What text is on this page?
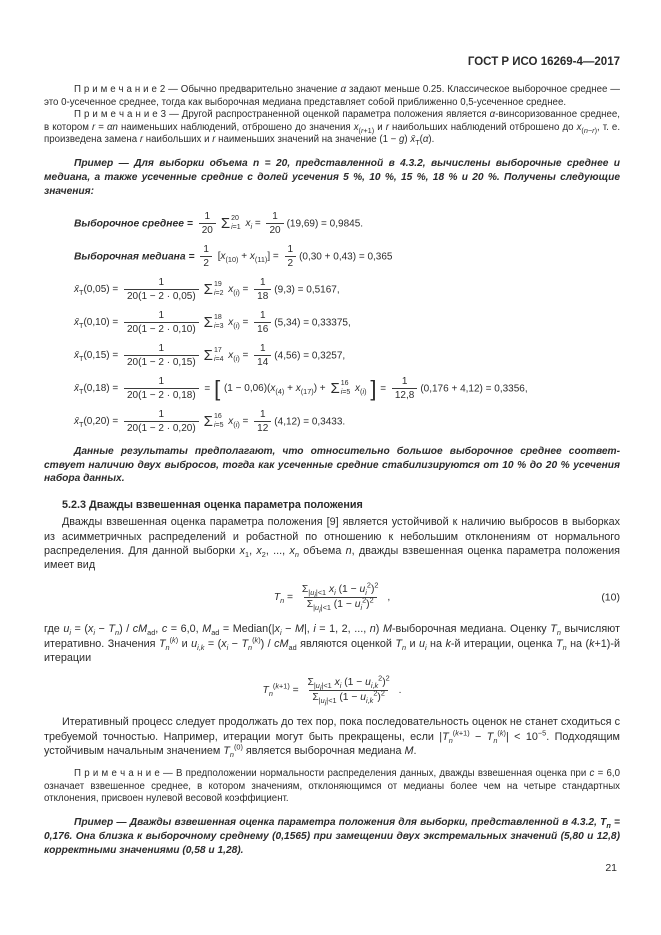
ГОСТ Р ИСО 16269-4—2017

П р и м е ч а н и е 2 — Обычно предварительно значение α задают меньше 0.25. Классическое выборочное среднее — это 0-усеченное среднее, тогда как выборочная медиана представляет собой приближенно 0,5-усеченное среднее.

П р и м е ч а н и е 3 — Другой распространенной оценкой параметра положения является α-винсоризованное среднее, в котором r = αn наименьших наблюдений, отброшено до значения $x_{(r+1)}$ и r наибольших наблюдений отброшено до $x_{(n-r)}$, т. е. произведена замена r наибольших и r наименьших значений на значение (1 − g) $x̄_Т(\alpha)$.

Пример — Для выборки объема n = 20, представленной в 4.3.2, вычислены выборочные среднее и медиана, а также усеченные средние с долей усечения 5 %, 10 %, 15 %, 18 % и 20 %. Получены следующие значения:

Выборочное среднее = $\frac{1}{20}$ Σ 20
i=1 $x_i = \frac{1}{20} (19,69) = 0,9845$.
Выборочная медиана = $\frac{1}{2} [x_{(10)} + x_{(11)}] = \frac{1}{2} (0,30 + 0,43) = 0,365$
$x̄_Т(0,05) = \frac{1}{20(1 - 2 \cdot 0,05)}$ Σ 19
i=2 $x_{(i)} = \frac{1}{18} (9,3) = 0,5167$,
$x̄_Т(0,10) = \frac{1}{20(1 - 2 \cdot 0,10)}$ Σ 18
i=3 $x_{(i)} = \frac{1}{16} (5,34) = 0,33375$,
$x̄_Т(0,15) = \frac{1}{20(1 - 2 \cdot 0,15)}$ Σ 17
i=4 $x_{(i)} = \frac{1}{14} (4,56) = 0,3257$,
$x̄_Т(0,18) = \frac{1}{20(1 - 2 \cdot 0,18)}$ = [ $(1 - 0,06)(x_{(4)} + x_{(17)}) + \Sigma$ 16
i=5 $x_{(i)}$ ] = $\frac{1}{12,8} (0,176 + 4,12) = 0,3356$,
$x̄_Т(0,20) = \frac{1}{20(1 - 2 \cdot 0,20)}$ Σ 16
i=5 $x_{(i)} = \frac{1}{12} (4,12) = 0,3433$.

Данные результаты предполагают, что относительно большое выборочное среднее соответ-ствует наличию двух выбросов, тогда как усеченные средние стабилизируются от 10 % до 20 % усечения набора данных.

5.2.3 Дважды взвешенная оценка параметра положения

Дважды взвешенная оценка параметра положения [9] является устойчивой к наличию выбросов в выборках из асимметричных распределений и робастной по отношению к небольшим отклонениям от нормального распределения. Для данной выборки $x_1$, $x_2$, ..., $x_n$ объема n, дважды взвешенная оценка параметра положения имеет вид

$T_n = \frac{\Sigma_{|u_i|<1} x_i (1 - u_i^2)^2}{\Sigma_{|u_i|<1} (1 - u_i^2)^2}$ ,	(10)

где $u_i = (x_i - T_n) / cM_{ad}$, c = 6,0, $M_{ad}$ = $Median(|x_i - M|$, i = 1, 2, ..., n) M-выборочная медиана. Оценку $T_n$ вычисляют итеративно. Значения $T_n^{(k)}$ и $u_{i,k} = (x_i - T_n^{(k)}) / cM_{ad}$ являются оценкой $T_n$ и $u_i$ на k-й итерации, оценка $T_n$ на (k+1)-й итерации

$T_n^{(k+1)} = \frac{\Sigma_{|u_i|<1} x_i (1 - u_{i,k}^2)^2}{\Sigma_{|u_i|<1} (1 - u_{i,k}^2)^2}$ .

Итеративный процесс следует продолжать до тех пор, пока последовательность оценок не станет сходиться с требуемой точностью. Например, итерации могут быть прекращены, если $|T_n^{(k+1)} - T_n^{(k)}| < 10^{-5}$. Подходящим устойчивым начальным значением $T_n^{(0)}$ является выборочная медиана M.

П р и м е ч а н и е — В предположении нормальности распределения данных, дважды взвешенная оценка при c = 6,0 означает взвешенное среднее, в котором значениям, отклоняющимся от медианы более чем на четыре стандартных отклонения, присвоен нулевой весовой коэффициент.

Пример — Дважды взвешенная оценка параметра положения для выборки, представленной в 4.3.2, $T_п = 0,176$. Она близка к выборочному среднему (0,1565) при замещении двух экстремальных значений (5,80 и 12,8) корректными значениями (0,58 и 1,28).

21
